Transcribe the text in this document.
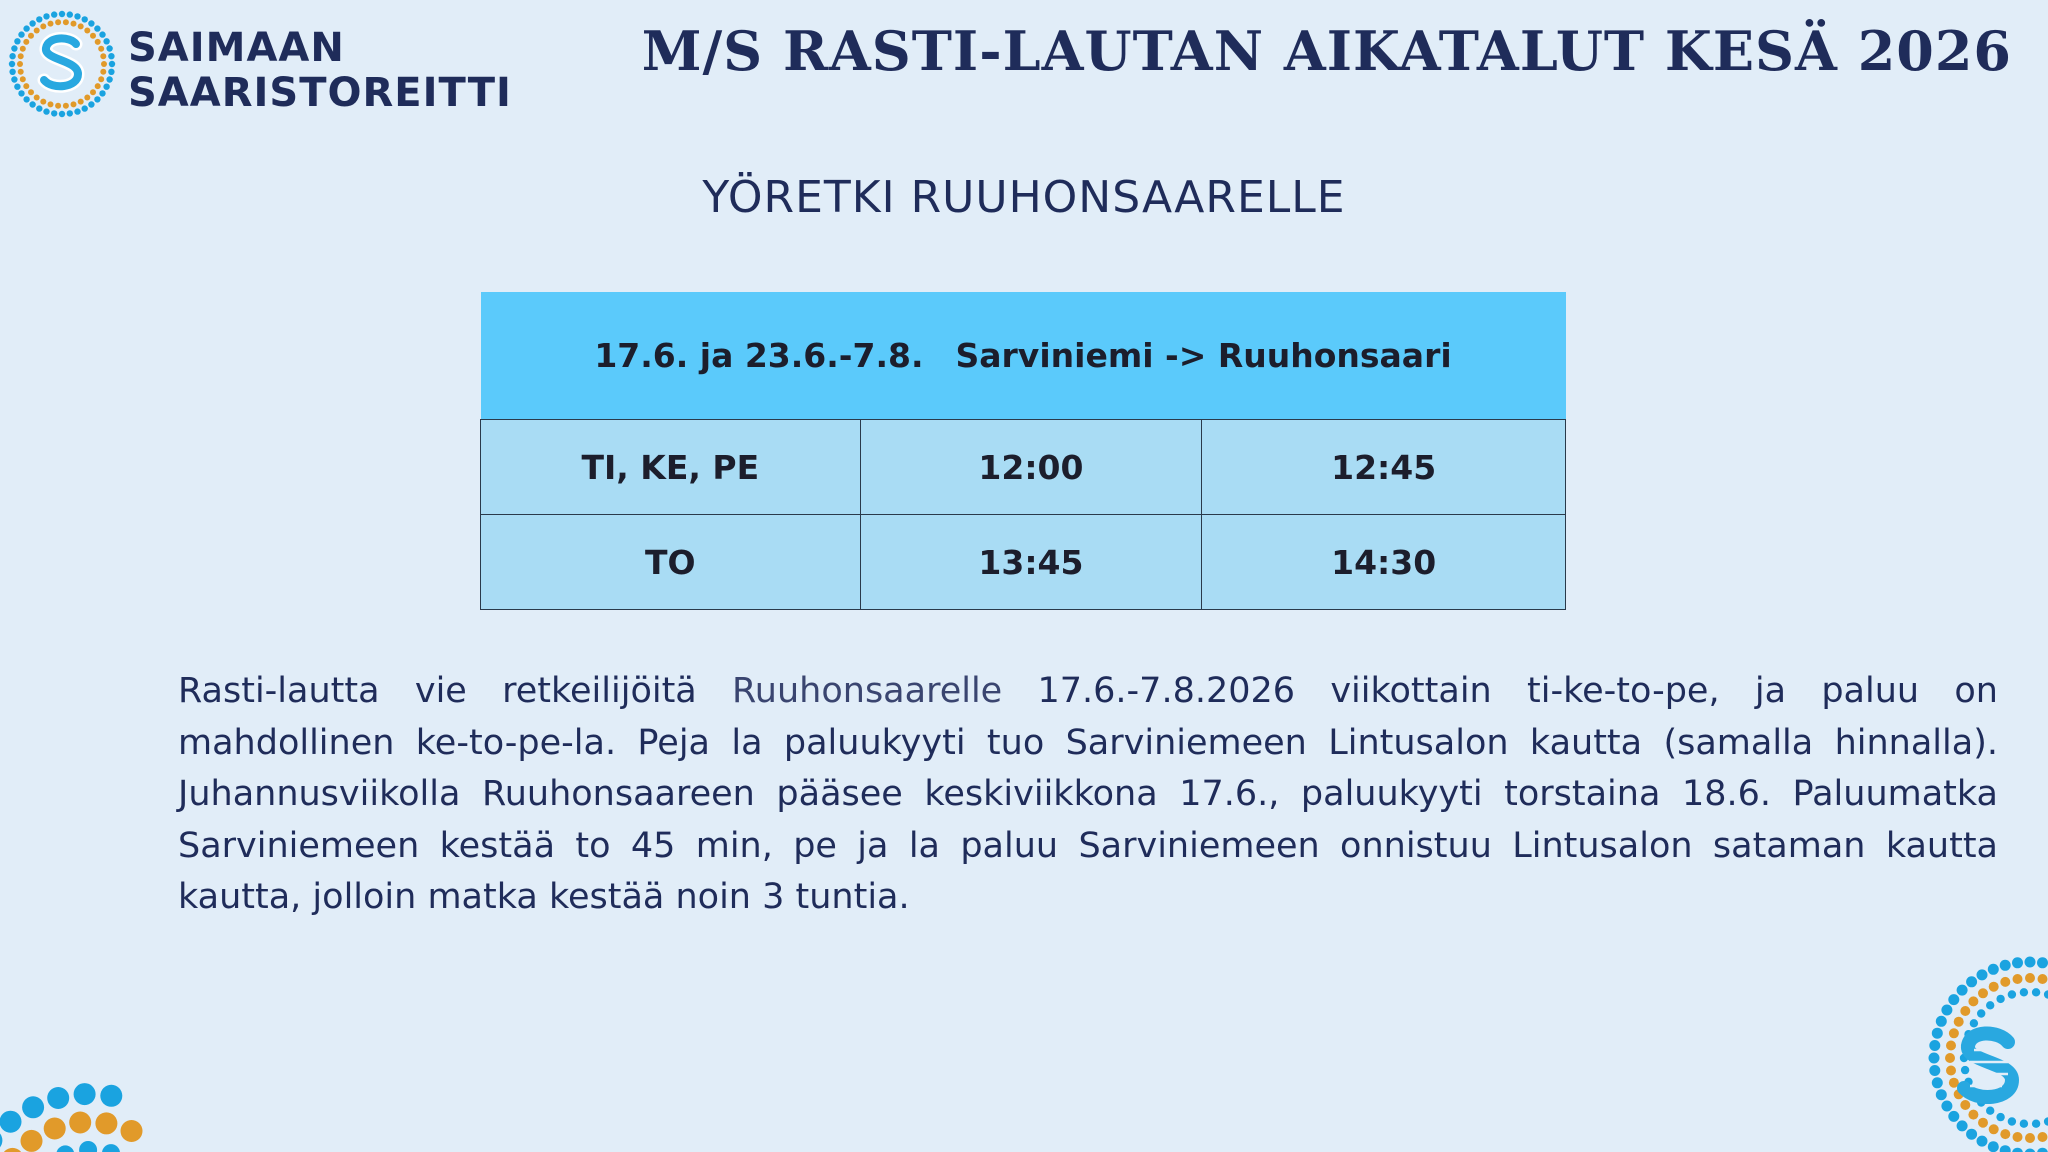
SAIMAAN
SAARISTOREITTI
M/S RASTI-LAUTAN AIKATALUT KESÄ 2026
YÖRETKI RUUHONSAARELLE
17.6. ja 23.6.-7.8. Sarviniemi -> Ruuhonsaari		
TI, KE, PE	12:00	12:45
TO	13:45	14:30

Rasti-lautta vie retkeilijöitä Ruuhonsaarelle 17.6.-7.8.2026 viikottain ti-ke-to-pe, ja paluu on mahdollinen ke-to-pe-la. Peja la paluukyyti tuo Sarviniemeen Lintusalon kautta (samalla hinnalla). Juhannusviikolla Ruuhonsaareen pääsee keskiviikkona 17.6., paluukyyti torstaina 18.6. Paluumatka Sarviniemeen kestää to 45 min, pe ja la paluu Sarviniemeen onnistuu Lintusalon sataman kautta kautta, jolloin matka kestää noin 3 tuntia.
